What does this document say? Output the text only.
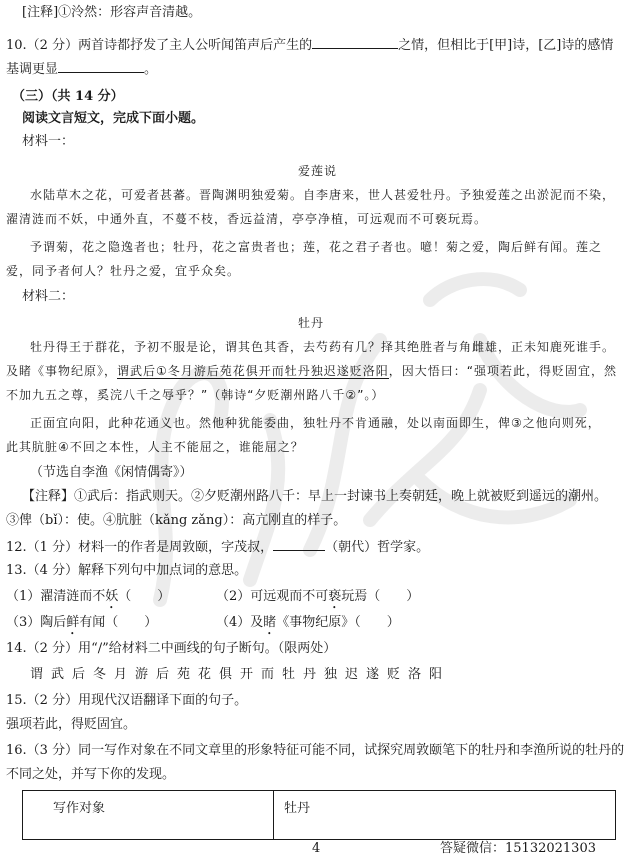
[注释]①泠然：形容声音清越。
10.（2 分）两首诗都抒发了主人公听闻笛声后产生的	之情，但相比于[甲]诗，[乙]诗的感情
基调更显	。
（三）（共 14 分）
阅读文言短文，完成下面小题。
材料一：
爱莲说
水陆草木之花，可爱者甚蕃。晋陶渊明独爱菊。自李唐来，世人甚爱牡丹。予独爱莲之出淤泥而不染，
濯清涟而不妖，中通外直，不蔓不枝，香远益清，亭亭净植，可远观而不可亵玩焉。
予谓菊，花之隐逸者也；牡丹，花之富贵者也；莲，花之君子者也。噫！菊之爱，陶后鲜有闻。莲之
爱，同予者何人？牡丹之爱，宜乎众矣。
材料二：
牡丹
牡丹得王于群花，予初不服是论，谓其色其香，去芍药有几？择其绝胜者与角雌雄，正未知鹿死谁手。
及睹《事物纪原》，谓武后①冬月游后苑花俱开而牡丹独迟遂贬洛阳，因大悟曰：“强项若此，得贬固宜，然
不加九五之尊，奚浣八千之辱乎？”（韩诗“夕贬潮州路八千②”。）
正面宜向阳，此种花通义也。然他种犹能委曲，独牡丹不肯通融，处以南面即生，俾③之他向则死，
此其肮脏④不回之本性，人主不能屈之，谁能屈之？
（节选自李渔《闲情偶寄》）
【注释】①武后：指武则天。②夕贬潮州路八千：早上一封谏书上奏朝廷，晚上就被贬到遥远的潮州。
③俾（bǐ）：使。④肮脏（kǎng zǎng）：高亢刚直的样子。
12.（1 分）材料一的作者是周敦颐，字茂叔，	（朝代）哲学家。
13.（4 分）解释下列句中加点词的意思。
（1）濯清涟而不妖（　　）	（2）可远观而不可亵玩焉（　　）
（3）陶后鲜有闻（　　）	（4）及睹《事物纪原》（　　）
14.（2 分）用“/”给材料二中画线的句子断句。（限两处）
谓武后冬月游后苑花俱开而牡丹独迟遂贬洛阳
15.（2 分）用现代汉语翻译下面的句子。
强项若此，得贬固宜。
16.（3 分）同一写作对象在不同文章里的形象特征可能不同，试探究周敦颐笔下的牡丹和李渔所说的牡丹的
不同之处，并写下你的发现。
写作对象	牡丹
4	答疑微信：15132021303
